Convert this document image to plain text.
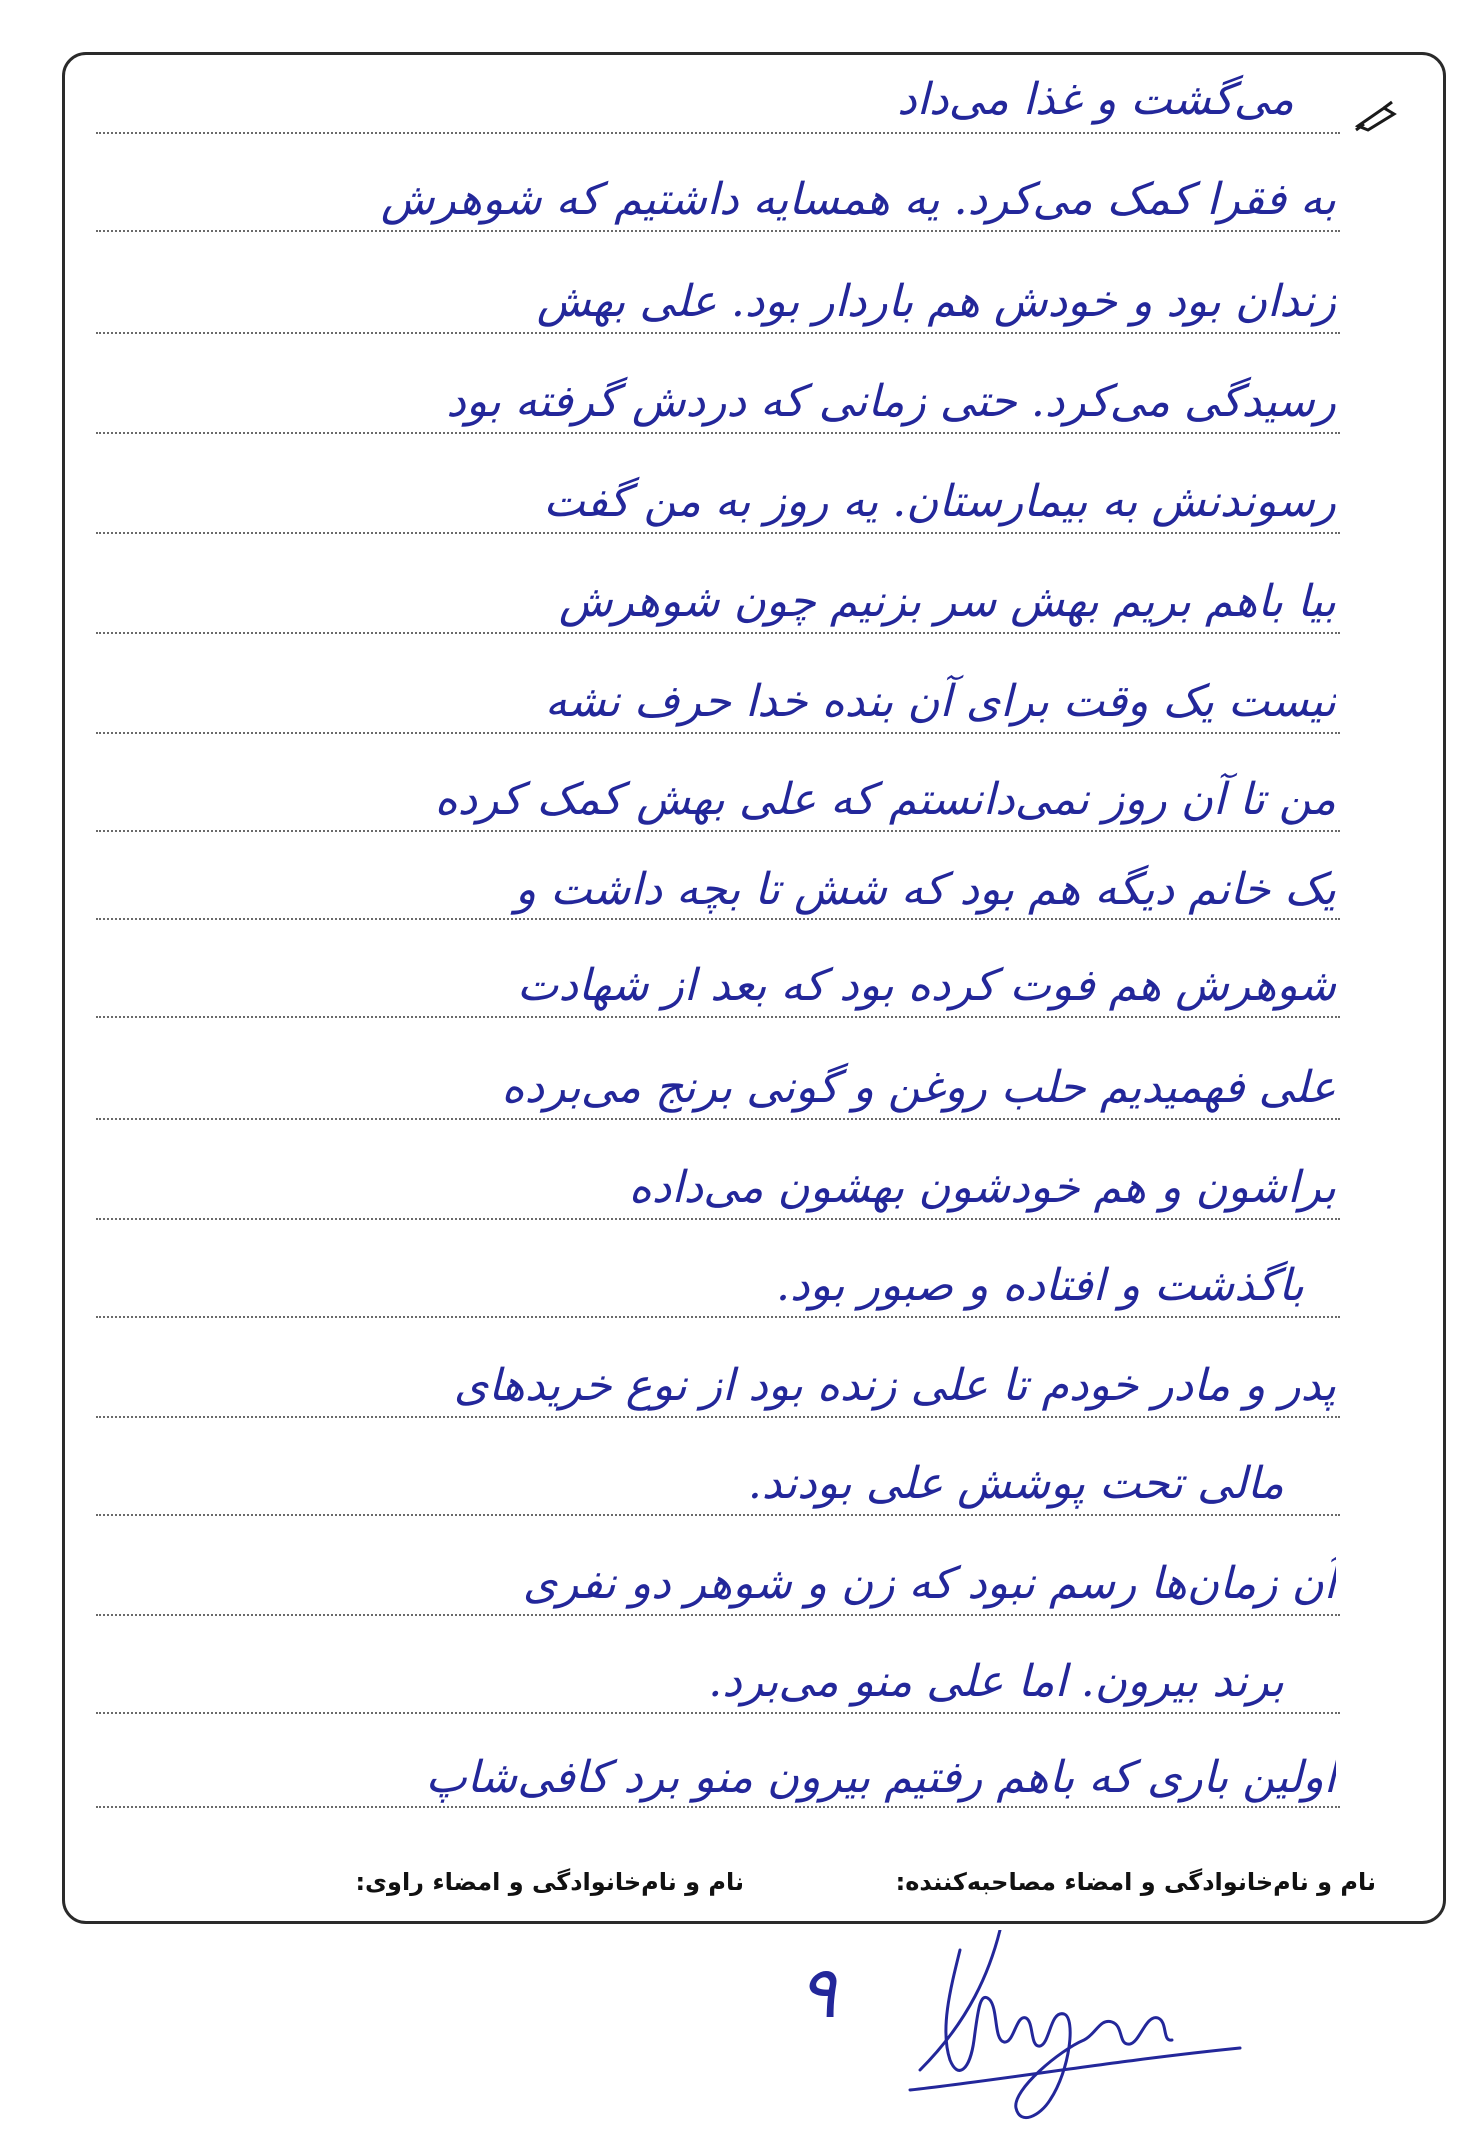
می‌گشت و غذا می‌داد
به فقرا کمک می‌کرد. یه همسایه داشتیم که شوهرش
زندان بود و خودش هم باردار بود. علی بهش
رسیدگی می‌کرد. حتی زمانی که دردش گرفته بود
رسوندنش به بیمارستان. یه روز به من گفت
بیا باهم بریم بهش سر بزنیم چون شوهرش
نیست یک وقت برای آن بنده خدا حرف نشه
من تا آن روز نمی‌دانستم که علی بهش کمک کرده
یک خانم دیگه هم بود که شش تا بچه داشت و
شوهرش هم فوت کرده بود که بعد از شهادت
علی فهمیدیم حلب روغن و گونی برنج می‌برده
براشون و هم خودشون بهشون می‌داده
باگذشت و افتاده و صبور بود.
پدر و مادر خودم تا علی زنده بود از نوع خریدهای
مالی تحت پوشش علی بودند.
آن زمان‌ها رسم نبود که زن و شوهر دو نفری
برند بیرون. اما علی منو می‌برد.
اولین باری که باهم رفتیم بیرون منو برد کافی‌شاپ
نام و نام‌خانوادگی و امضاء مصاحبه‌کننده:
نام و نام‌خانوادگی و امضاء راوی:
۹
